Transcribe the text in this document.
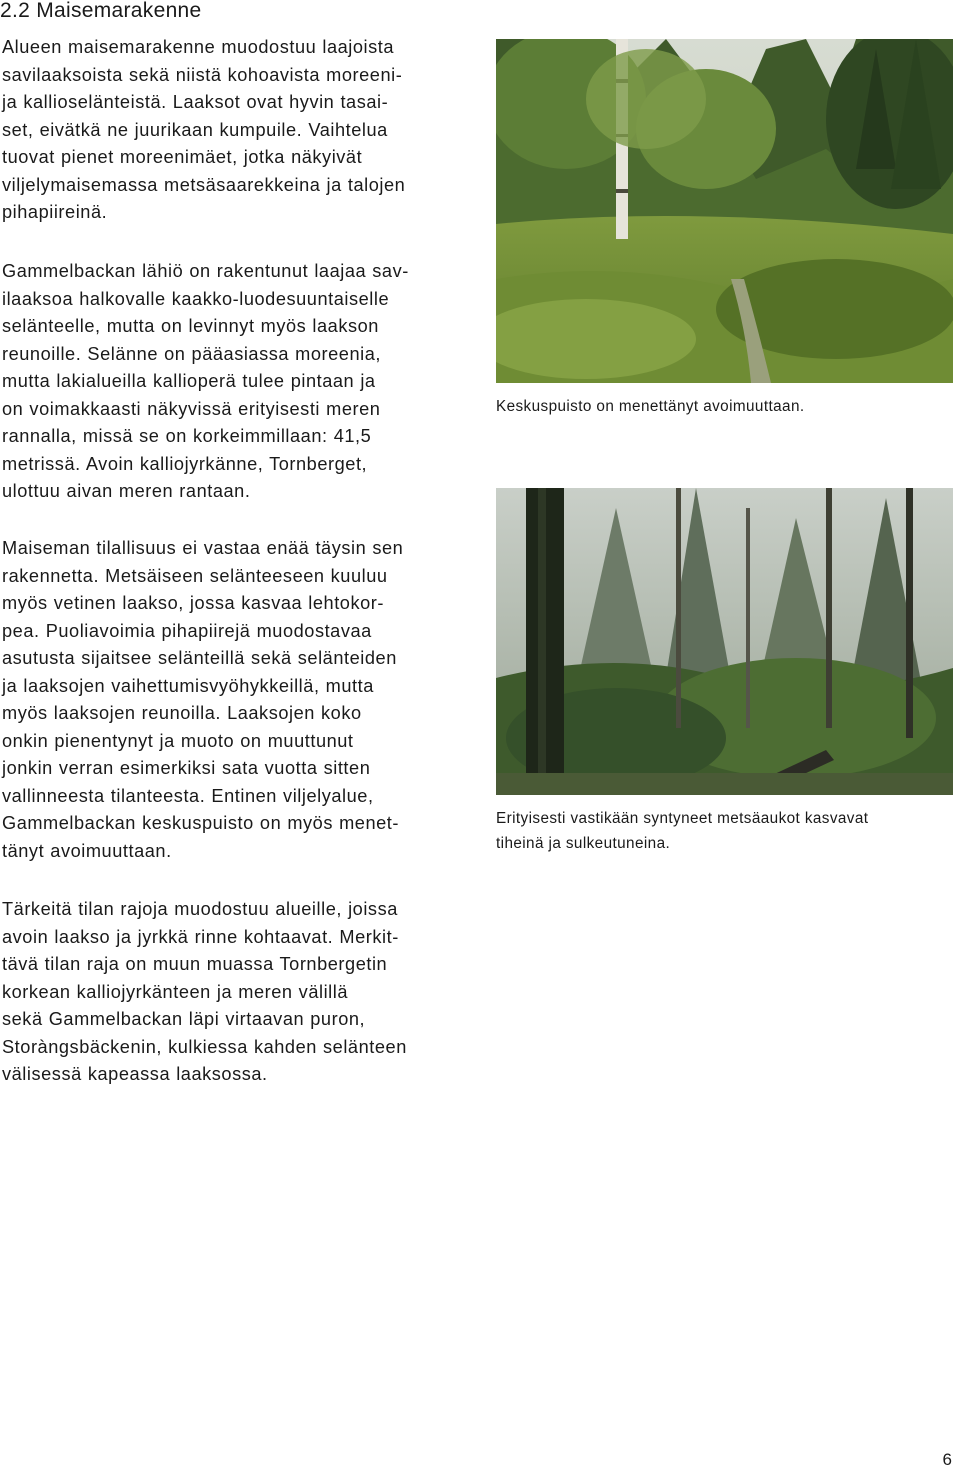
2.2 Maisemarakenne

Alueen maisemarakenne muodostuu laajoista
savilaaksoista sekä niistä kohoavista moreeni-
ja kallioselänteistä. Laaksot ovat hyvin tasai-
set, eivätkä ne juurikaan kumpuile. Vaihtelua
tuovat pienet moreenimäet, jotka näkyivät
viljelymaisemassa metsäsaarekkeina ja talojen
pihapiireinä.

Gammelbackan lähiö on rakentunut laajaa sav-
ilaaksoa halkovalle kaakko-luodesuuntaiselle
selänteelle, mutta on levinnyt myös laakson
reunoille. Selänne on pääasiassa moreenia,
mutta lakialueilla kallioperä tulee pintaan ja
on voimakkaasti näkyvissä erityisesti meren
rannalla, missä se on korkeimmillaan: 41,5
metrissä. Avoin kalliojyrkänne, Tornberget,
ulottuu aivan meren rantaan.

Maiseman tilallisuus ei vastaa enää täysin sen
rakennetta. Metsäiseen selänteeseen kuuluu
myös vetinen laakso, jossa kasvaa lehtokor-
pea. Puoliavoimia pihapiirejä muodostavaa
asutusta sijaitsee selänteillä sekä selänteiden
ja laaksojen vaihettumisvyöhykkeillä, mutta
myös laaksojen reunoilla. Laaksojen koko
onkin pienentynyt ja muoto on muuttunut
jonkin verran esimerkiksi sata vuotta sitten
vallinneesta tilanteesta. Entinen viljelyalue,
Gammelbackan keskuspuisto on myös menet-
tänyt avoimuuttaan.

Tärkeitä tilan rajoja muodostuu alueille, joissa
avoin laakso ja jyrkkä rinne kohtaavat. Merkit-
tävä tilan raja on muun muassa Tornbergetin
korkean kalliojyrkänteen ja meren välillä
sekä Gammelbackan läpi virtaavan puron,
Storàngsbäckenin, kulkiessa kahden selänteen
välisessä kapeassa laaksossa.

Keskuspuisto on menettänyt avoimuuttaan.

Erityisesti vastikään syntyneet metsäaukot kasvavat
tiheinä ja sulkeutuneina.

6
